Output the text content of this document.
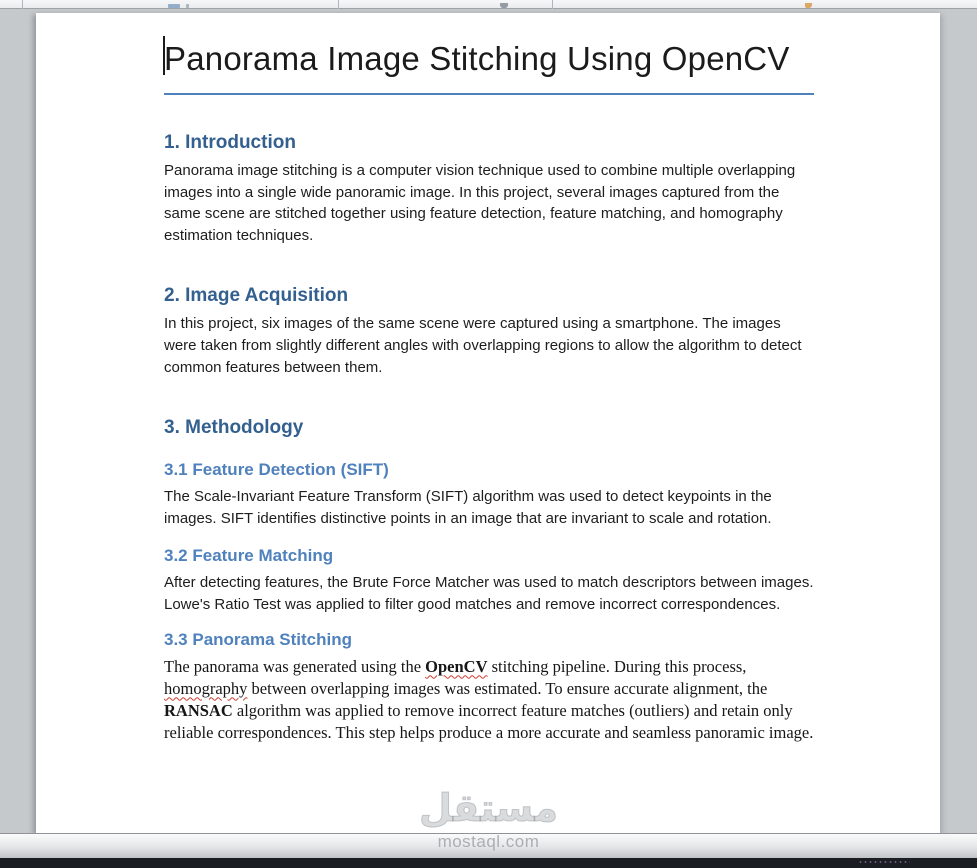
Panorama Image Stitching Using OpenCV
1. Introduction

Panorama image stitching is a computer vision technique used to combine multiple overlapping images into a single wide panoramic image. In this project, several images captured from the same scene are stitched together using feature detection, feature matching, and homography estimation techniques.

2. Image Acquisition

In this project, six images of the same scene were captured using a smartphone. The images were taken from slightly different angles with overlapping regions to allow the algorithm to detect common features between them.

3. Methodology
3.1 Feature Detection (SIFT)

The Scale-Invariant Feature Transform (SIFT) algorithm was used to detect keypoints in the images. SIFT identifies distinctive points in an image that are invariant to scale and rotation.

3.2 Feature Matching

After detecting features, the Brute Force Matcher was used to match descriptors between images. Lowe's Ratio Test was applied to filter good matches and remove incorrect correspondences.

3.3 Panorama Stitching

The panorama was generated using the OpenCV stitching pipeline. During this process, homography between overlapping images was estimated. To ensure accurate alignment, the RANSAC algorithm was applied to remove incorrect feature matches (outliers) and retain only reliable correspondences. This step helps produce a more accurate and seamless panoramic image.

مستقل
mostaql.com
